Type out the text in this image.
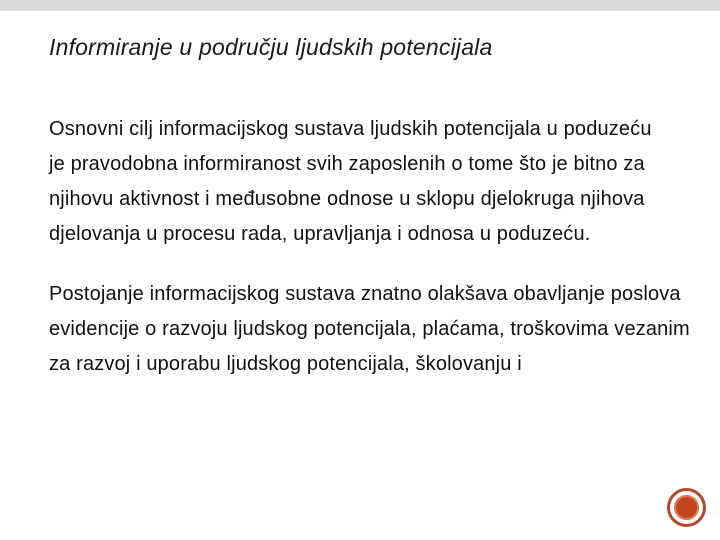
Informiranje u području ljudskih potencijala

Osnovni cilj informacijskog sustava ljudskih potencijala u poduzeću

je pravodobna informiranost svih zaposlenih o tome što je bitno za

njihovu aktivnost i međusobne odnose u sklopu djelokruga njihova

djelovanja u procesu rada, upravljanja i odnosa u poduzeću.

Postojanje informacijskog sustava znatno olakšava obavljanje poslova

evidencije o razvoju ljudskog potencijala, plaćama, troškovima vezanim

za razvoj i uporabu ljudskog potencijala, školovanju i
